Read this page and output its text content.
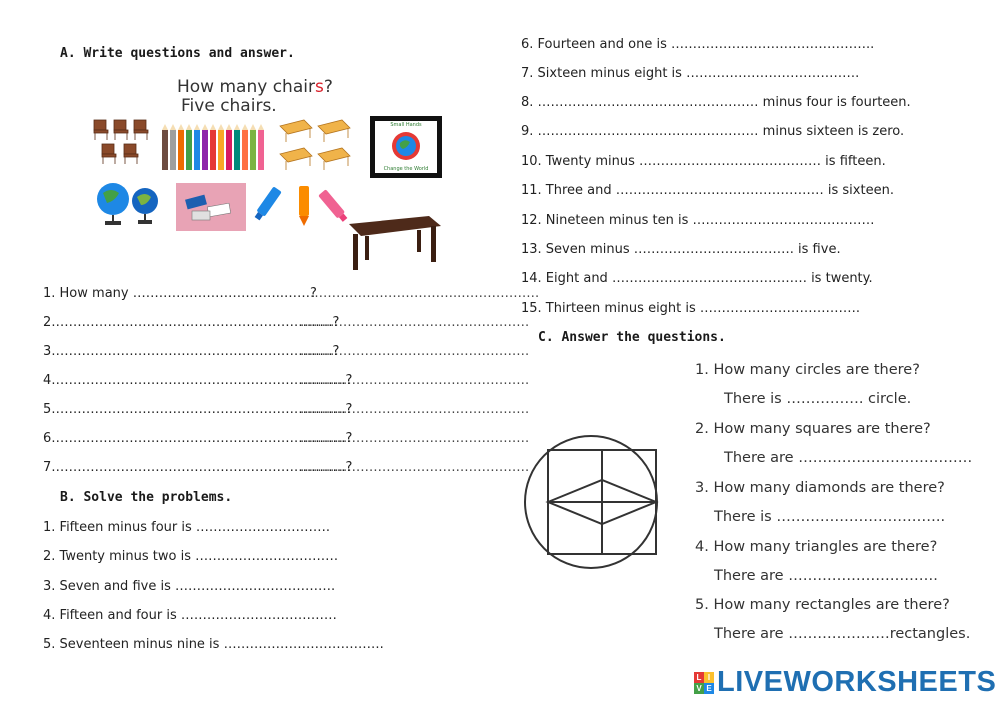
A. Write questions and answer.
How many chairs?
Five chairs.
Small Hands
Change the World
1. How many ……………………………..……?
……………………………..………………
2……………………………………………………..…?
……..………………………………………
3……………………………………………………..…?
……..………………………………………
4……………………………………………………..……?
……..………………………………………
5……………………………………………………..……?
……..………………………………………
6……………………………………………………..……?
……..………………………………………
7……………………………………………………..……?
……..………………………………………
B. Solve the problems.
1. Fifteen minus four is ………………………….
2. Twenty minus two is ……………………………
3. Seven and five is ……………………………….
4. Fifteen and four is ………………………………
5. Seventeen minus nine is ……………………………….
6. Fourteen and one is ………………………………………..
7. Sixteen minus eight is ………………………………….
8. …………………………………………… minus four is fourteen.
9. …………………………………………… minus sixteen is zero.
10. Twenty minus …………………………………… is fifteen.
11. Three and ………………………………………… is sixteen.
12. Nineteen minus ten is ……………………………………
13. Seven minus ………………………………. is five.
14. Eight and ……………………………………… is twenty.
15. Thirteen minus eight is ……………………………….
C. Answer the questions.
1. How many circles are there?
There is ……………. circle.
2. How many squares are there?
There are ………………………………
3. How many diamonds are there?
There is ……………………………..
4. How many triangles are there?
There are ………………………….
5. How many rectangles are there?
There are …………………rectangles.
L I
V E LIVEWORKSHEETS
